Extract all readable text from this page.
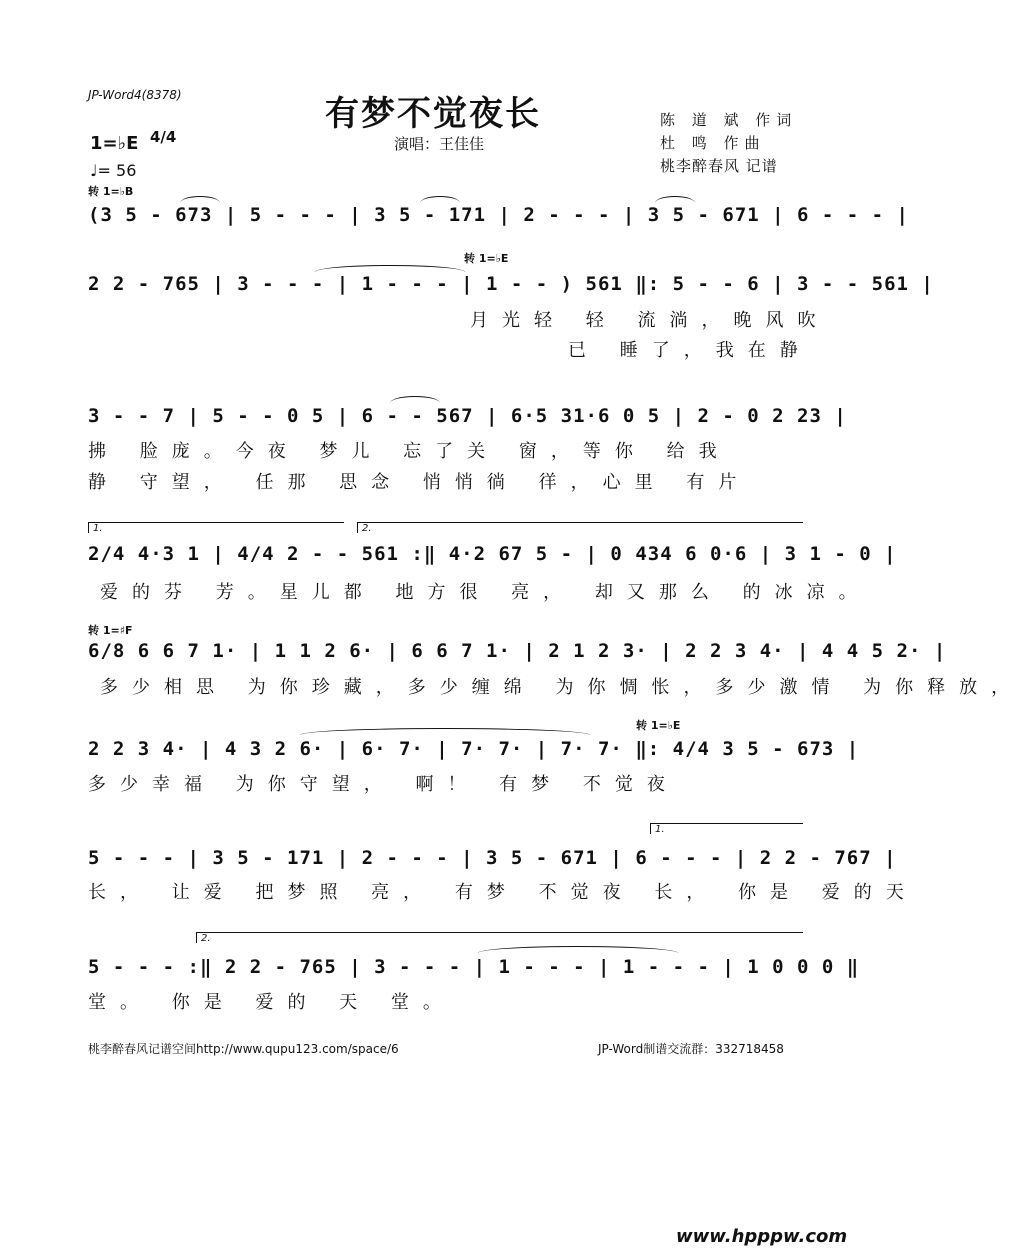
JP-Word4(8378)	有梦不觉夜长
演唱：王佳佳
陈 道 斌 作词
杜 鸣 作曲
桃李醉春风 记谱
1=♭E 4/4
♩= 56
转 1=♭B
转 1=♭E
转 1=♯F
转 1=♭E
(3 5 - 673 | 5 - - - | 3 5 - 171 | 2 - - - | 3 5 - 671 | 6 - - - |
2 2 - 765 | 3 - - - | 1 - - - | 1 - - ) 561 ‖: 5 - - 6 | 3 - - 561 |
月光轻 轻 流淌，晚风吹
已 睡了，我在静
3 - - 7 | 5 - - 0 5 | 6 - - 567 | 6·5 31·6 0 5 | 2 - 0 2 23 |
拂 脸庞。今夜 梦儿 忘了关 窗，等你 给我
静 守望， 任那 思念 悄悄徜 徉，心里 有片
1.	2.
2/4 4·3 1 | 4/4 2 - - 561 :‖ 4·2 67 5 - | 0 434 6 0·6 | 3 1 - 0 |
爱的芬 芳。星儿都 地方很 亮， 却又那么 的冰凉。
6/8 6 6 7 1· | 1 1 2 6· | 6 6 7 1· | 2 1 2 3· | 2 2 3 4· | 4 4 5 2· |
多少相思 为你珍藏，多少缠绵 为你惆怅，多少激情 为你释放，
2 2 3 4· | 4 3 2 6· | 6· 7· | 7· 7· | 7· 7· ‖: 4/4 3 5 - 673 |
多少幸福 为你守望， 啊！ 有梦 不觉夜
1.
5 - - - | 3 5 - 171 | 2 - - - | 3 5 - 671 | 6 - - - | 2 2 - 767 |
长， 让爱 把梦照 亮， 有梦 不觉夜 长， 你是 爱的天
2.
5 - - - :‖ 2 2 - 765 | 3 - - - | 1 - - - | 1 - - - | 1 0 0 0 ‖
堂。 你是 爱的 天 堂。
桃李醉春风记谱空间http://www.qupu123.com/space/6	JP-Word制谱交流群：332718458
www.hpppw.com
